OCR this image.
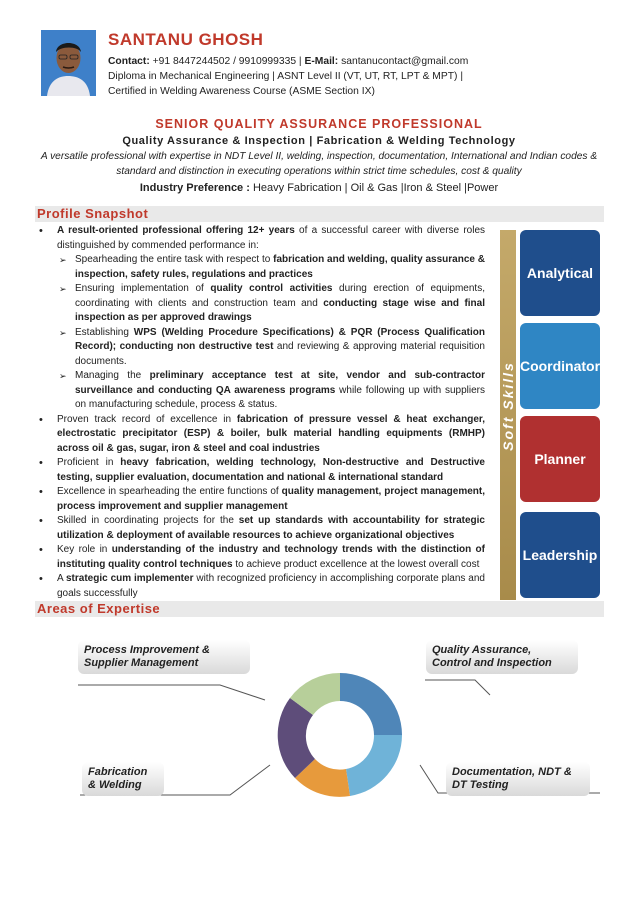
SANTANU GHOSH
Contact: +91 8447244502 / 9910999335 | E-Mail: santanucontact@gmail.com
Diploma in Mechanical Engineering | ASNT Level II (VT, UT, RT, LPT & MPT) |
Certified in Welding Awareness Course (ASME Section IX)
SENIOR QUALITY ASSURANCE PROFESSIONAL
Quality Assurance & Inspection | Fabrication & Welding Technology
A versatile professional with expertise in NDT Level II, welding, inspection, documentation, International and Indian codes & standard and distinction in executing operations within strict time schedules, cost & quality
Industry Preference : Heavy Fabrication | Oil & Gas |Iron & Steel |Power
Profile Snapshot
• A result-oriented professional offering 12+ years of a successful career with diverse roles distinguished by commended performance in:
➢ Spearheading the entire task with respect to fabrication and welding, quality assurance & inspection, safety rules, regulations and practices
➢ Ensuring implementation of quality control activities during erection of equipments, coordinating with clients and construction team and conducting stage wise and final inspection as per approved drawings
➢ Establishing WPS (Welding Procedure Specifications) & PQR (Process Qualification Record); conducting non destructive test and reviewing & approving material requisition documents.
➢ Managing the preliminary acceptance test at site, vendor and sub-contractor surveillance and conducting QA awareness programs while following up with suppliers on manufacturing schedule, process & status.
• Proven track record of excellence in fabrication of pressure vessel & heat exchanger, electrostatic precipitator (ESP) & boiler, bulk material handling equipments (RMHP) across oil & gas, sugar, iron & steel and coal industries
• Proficient in heavy fabrication, welding technology, Non-destructive and Destructive testing, supplier evaluation, documentation and national & international standard
• Excellence in spearheading the entire functions of quality management, project management, process improvement and supplier management
• Skilled in coordinating projects for the set up standards with accountability for strategic utilization & deployment of available resources to achieve organizational objectives
• Key role in understanding of the industry and technology trends with the distinction of instituting quality control techniques to achieve product excellence at the lowest overall cost
• A strategic cum implementer with recognized proficiency in accomplishing corporate plans and goals successfully
Soft Skills
Analytical
Coordinator
Planner
Leadership
Areas of Expertise
Process Improvement & Supplier Management
Quality Assurance, Control and Inspection
Fabrication & Welding
Documentation, NDT & DT Testing
